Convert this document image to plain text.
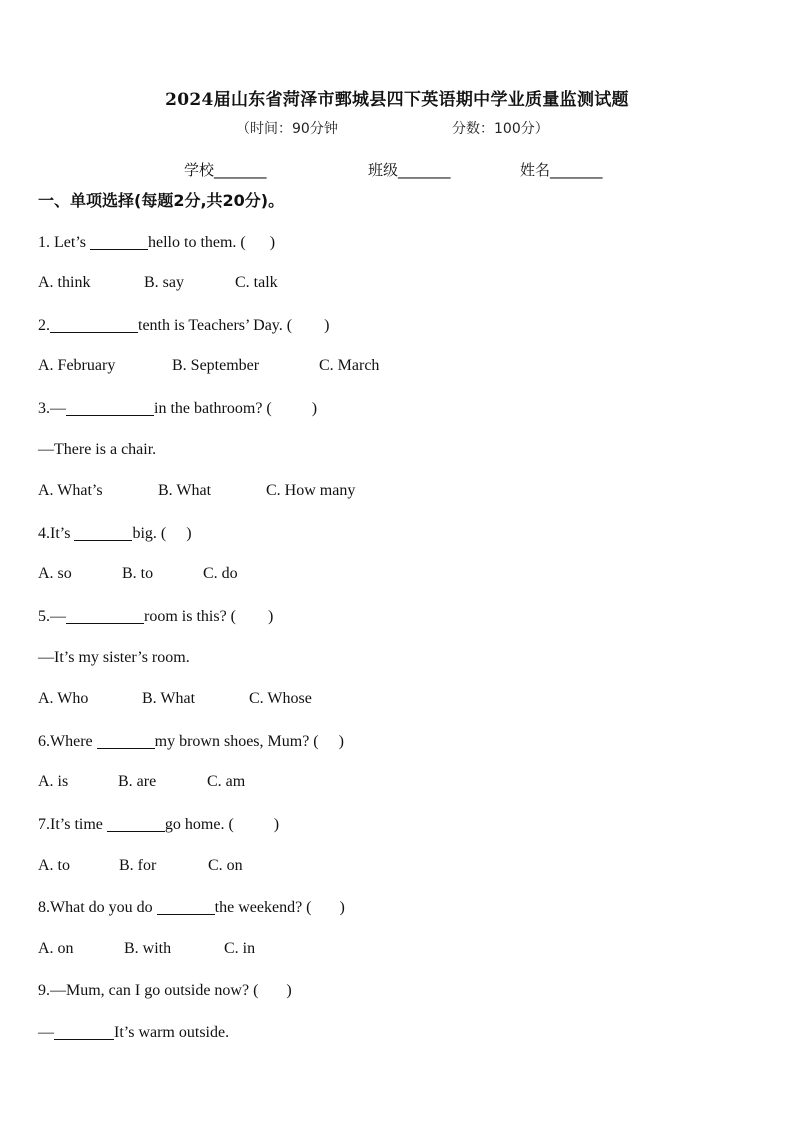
2024届山东省菏泽市鄄城县四下英语期中学业质量监测试题
（时间：90分钟	分数：100分）
学校_______	班级_______	姓名_______
一、单项选择(每题2分,共20分)。
1. Let’s	hello to them. (      )
A. think	B. say	C. talk
2.	tenth is Teachers’ Day. (        )
A. February	B. September	C. March
3.—	in the bathroom? (          )
—There is a chair.
A. What’s	B. What	C. How many
4.It’s	big. (     )
A. so	B. to	C. do
5.—	room is this? (        )
—It’s my sister’s room.
A. Who	B. What	C. Whose
6.Where	my brown shoes, Mum? (     )
A. is	B. are	C. am
7.It’s time	go home. (          )
A. to	B. for	C. on
8.What do you do	the weekend? (       )
A. on	B. with	C. in
9.—Mum, can I go outside now? (       )
—	It’s warm outside.
